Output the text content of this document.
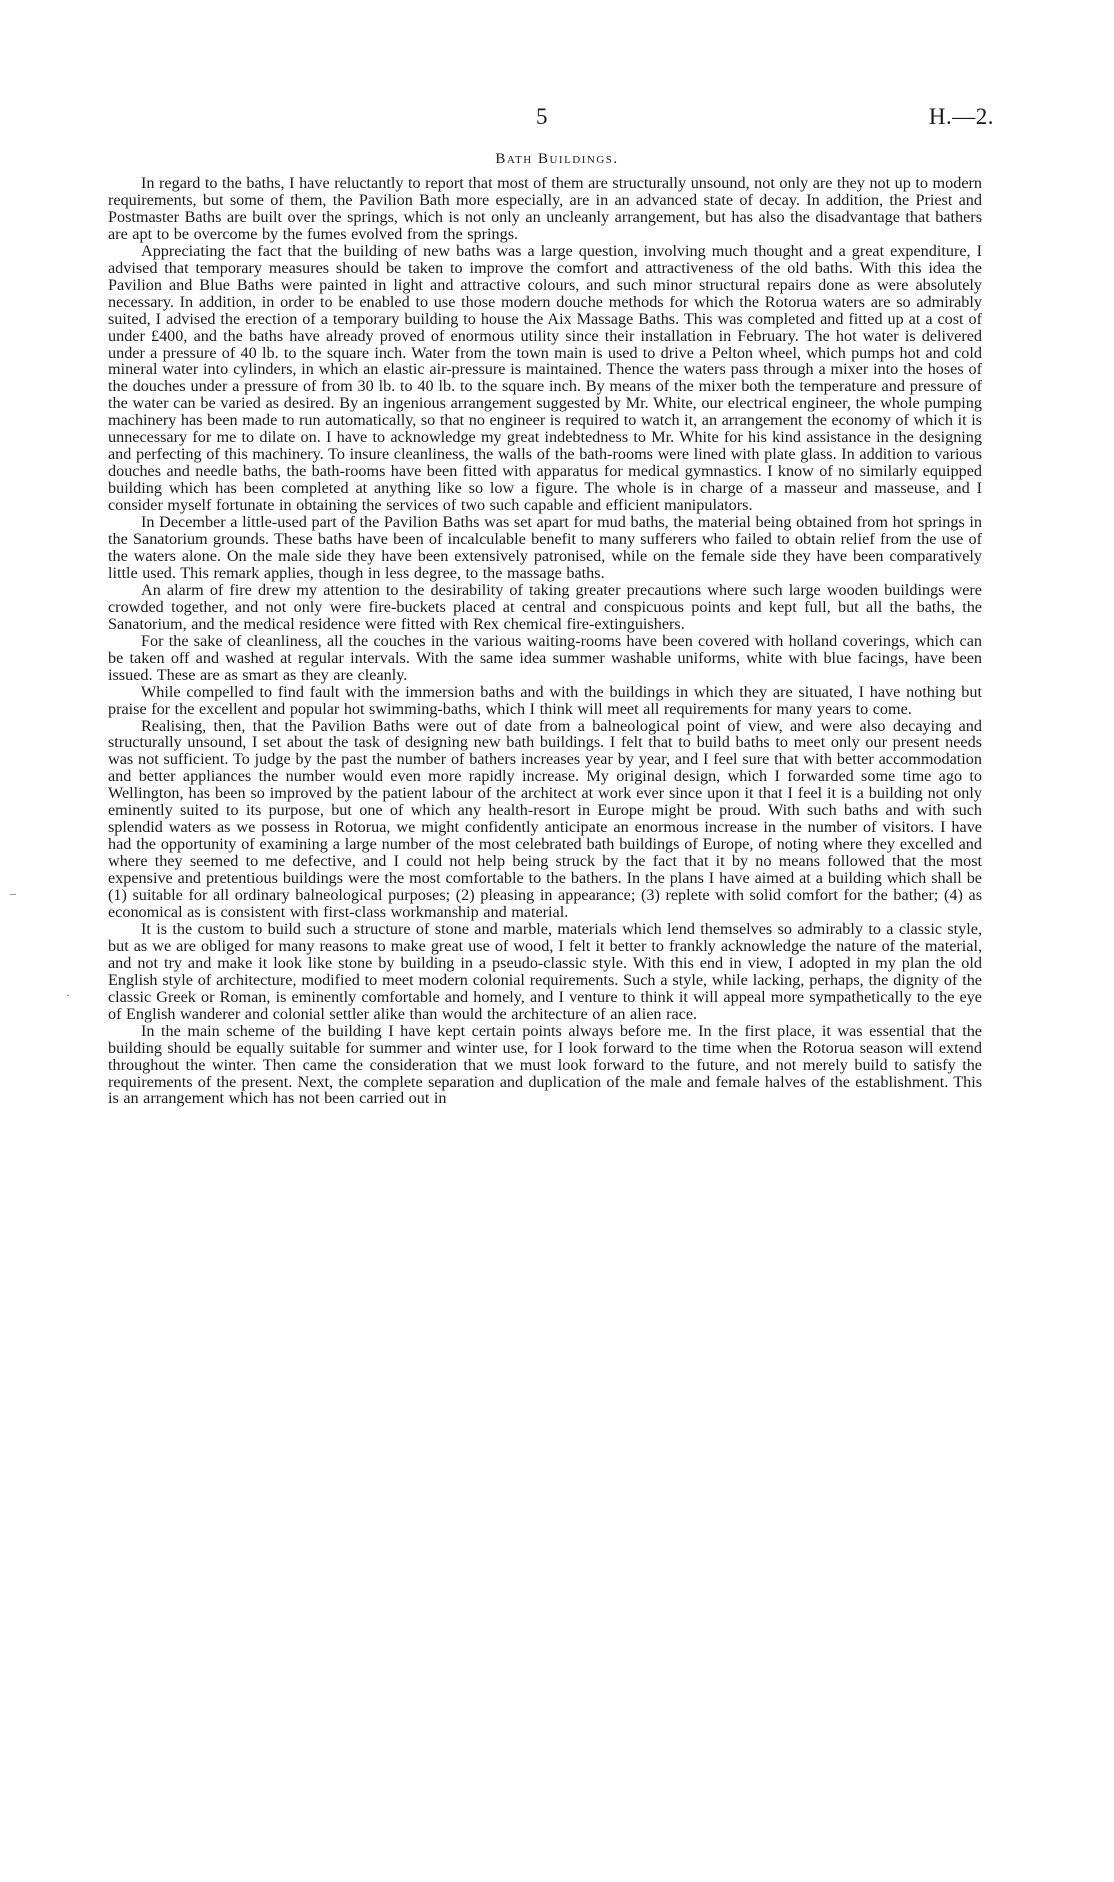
5	H.—2.
Bath Buildings.

In regard to the baths, I have reluctantly to report that most of them are structurally unsound, not only are they not up to modern requirements, but some of them, the Pavilion Bath more especially, are in an advanced state of decay. In addition, the Priest and Postmaster Baths are built over the springs, which is not only an uncleanly arrangement, but has also the disadvantage that bathers are apt to be overcome by the fumes evolved from the springs.

Appreciating the fact that the building of new baths was a large question, involving much thought and a great expenditure, I advised that temporary measures should be taken to improve the comfort and attractiveness of the old baths. With this idea the Pavilion and Blue Baths were painted in light and attractive colours, and such minor structural repairs done as were absolutely necessary. In addition, in order to be enabled to use those modern douche methods for which the Rotorua waters are so admirably suited, I advised the erection of a temporary building to house the Aix Massage Baths. This was completed and fitted up at a cost of under £400, and the baths have already proved of enormous utility since their installation in February. The hot water is delivered under a pressure of 40 lb. to the square inch. Water from the town main is used to drive a Pelton wheel, which pumps hot and cold mineral water into cylinders, in which an elastic air-pressure is maintained. Thence the waters pass through a mixer into the hoses of the douches under a pressure of from 30 lb. to 40 lb. to the square inch. By means of the mixer both the temperature and pressure of the water can be varied as desired. By an ingenious arrangement suggested by Mr. White, our electrical engineer, the whole pumping machinery has been made to run automatically, so that no engineer is required to watch it, an arrangement the economy of which it is unnecessary for me to dilate on. I have to acknowledge my great indebtedness to Mr. White for his kind assistance in the designing and perfecting of this machinery. To insure cleanliness, the walls of the bath-rooms were lined with plate glass. In addition to various douches and needle baths, the bath-rooms have been fitted with apparatus for medical gymnastics. I know of no similarly equipped building which has been completed at anything like so low a figure. The whole is in charge of a masseur and masseuse, and I consider myself fortunate in obtaining the services of two such capable and efficient manipulators.

In December a little-used part of the Pavilion Baths was set apart for mud baths, the material being obtained from hot springs in the Sanatorium grounds. These baths have been of incalculable benefit to many sufferers who failed to obtain relief from the use of the waters alone. On the male side they have been extensively patronised, while on the female side they have been comparatively little used. This remark applies, though in less degree, to the massage baths.

An alarm of fire drew my attention to the desirability of taking greater precautions where such large wooden buildings were crowded together, and not only were fire-buckets placed at central and conspicuous points and kept full, but all the baths, the Sanatorium, and the medical residence were fitted with Rex chemical fire-extinguishers.

For the sake of cleanliness, all the couches in the various waiting-rooms have been covered with holland coverings, which can be taken off and washed at regular intervals. With the same idea summer washable uniforms, white with blue facings, have been issued. These are as smart as they are cleanly.

While compelled to find fault with the immersion baths and with the buildings in which they are situated, I have nothing but praise for the excellent and popular hot swimming-baths, which I think will meet all requirements for many years to come.

Realising, then, that the Pavilion Baths were out of date from a balneological point of view, and were also decaying and structurally unsound, I set about the task of designing new bath buildings. I felt that to build baths to meet only our present needs was not sufficient. To judge by the past the number of bathers increases year by year, and I feel sure that with better accommodation and better appliances the number would even more rapidly increase. My original design, which I forwarded some time ago to Wellington, has been so improved by the patient labour of the architect at work ever since upon it that I feel it is a building not only eminently suited to its purpose, but one of which any health-resort in Europe might be proud. With such baths and with such splendid waters as we possess in Rotorua, we might confidently anticipate an enormous increase in the number of visitors. I have had the opportunity of examining a large number of the most celebrated bath buildings of Europe, of noting where they excelled and where they seemed to me defective, and I could not help being struck by the fact that it by no means followed that the most expensive and pretentious buildings were the most comfortable to the bathers. In the plans I have aimed at a building which shall be (1) suitable for all ordinary balneological purposes; (2) pleasing in appearance; (3) replete with solid comfort for the bather; (4) as economical as is consistent with first-class workmanship and material.

It is the custom to build such a structure of stone and marble, materials which lend themselves so admirably to a classic style, but as we are obliged for many reasons to make great use of wood, I felt it better to frankly acknowledge the nature of the material, and not try and make it look like stone by building in a pseudo-classic style. With this end in view, I adopted in my plan the old English style of architecture, modified to meet modern colonial requirements. Such a style, while lacking, perhaps, the dignity of the classic Greek or Roman, is eminently comfortable and homely, and I venture to think it will appeal more sympathetically to the eye of English wanderer and colonial settler alike than would the architecture of an alien race.

In the main scheme of the building I have kept certain points always before me. In the first place, it was essential that the building should be equally suitable for summer and winter use, for I look forward to the time when the Rotorua season will extend throughout the winter. Then came the consideration that we must look forward to the future, and not merely build to satisfy the requirements of the present. Next, the complete separation and duplication of the male and female halves of the establishment. This is an arrangement which has not been carried out in

–
·
